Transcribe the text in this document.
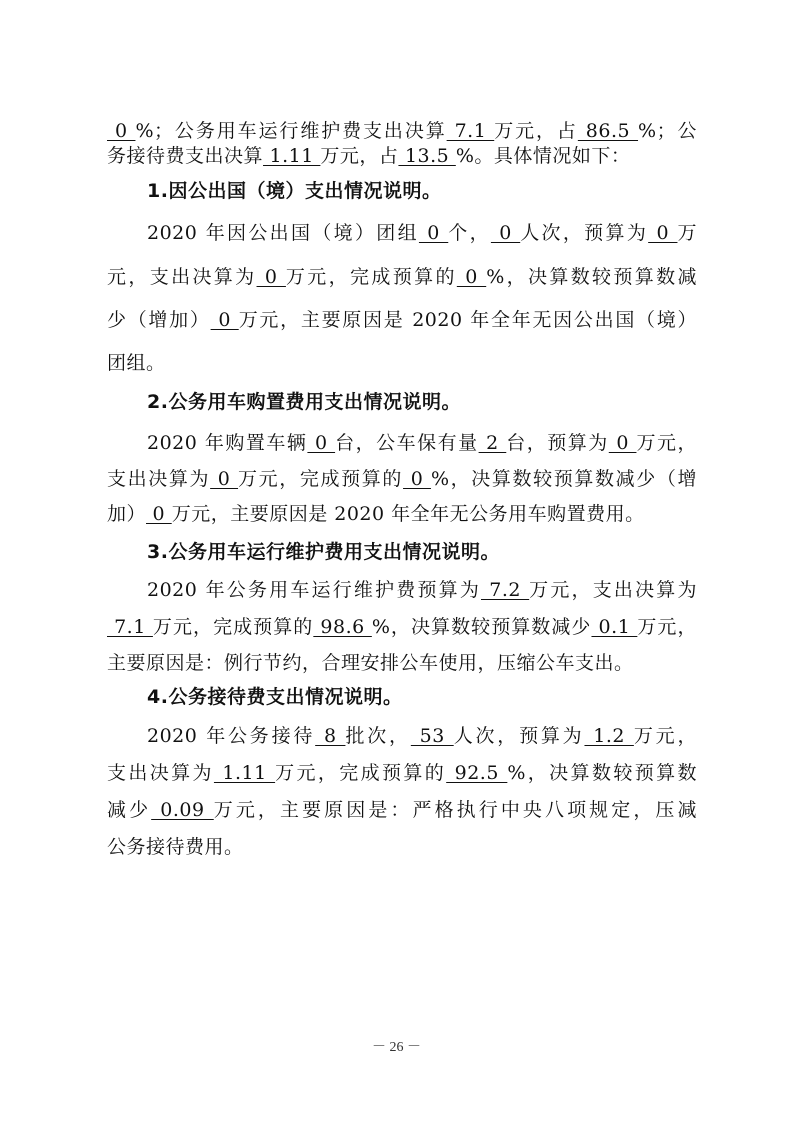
0 %；公务用车运行维护费支出决算 7.1 万元，占 86.5 %；公
务接待费支出决算 1.11 万元，占 13.5 %。具体情况如下：
1.因公出国（境）支出情况说明。
2020 年因公出国（境）团组 0 个， 0 人次，预算为 0 万
元，支出决算为 0 万元，完成预算的 0 %，决算数较预算数减
少（增加） 0 万元，主要原因是 2020 年全年无因公出国（境）
团组。
2.公务用车购置费用支出情况说明。
2020 年购置车辆 0 台，公车保有量 2 台，预算为 0 万元，
支出决算为 0 万元，完成预算的 0 %，决算数较预算数减少（增
加） 0 万元，主要原因是 2020 年全年无公务用车购置费用。
3.公务用车运行维护费用支出情况说明。
2020 年公务用车运行维护费预算为 7.2 万元，支出决算为
7.1 万元，完成预算的 98.6 %，决算数较预算数减少 0.1 万元，
主要原因是：例行节约，合理安排公车使用，压缩公车支出。
4.公务接待费支出情况说明。
2020 年公务接待 8 批次， 53 人次，预算为 1.2 万元，
支出决算为 1.11 万元，完成预算的 92.5 %，决算数较预算数
减少 0.09 万元，主要原因是：严格执行中央八项规定，压减
公务接待费用。
－ 26 －
